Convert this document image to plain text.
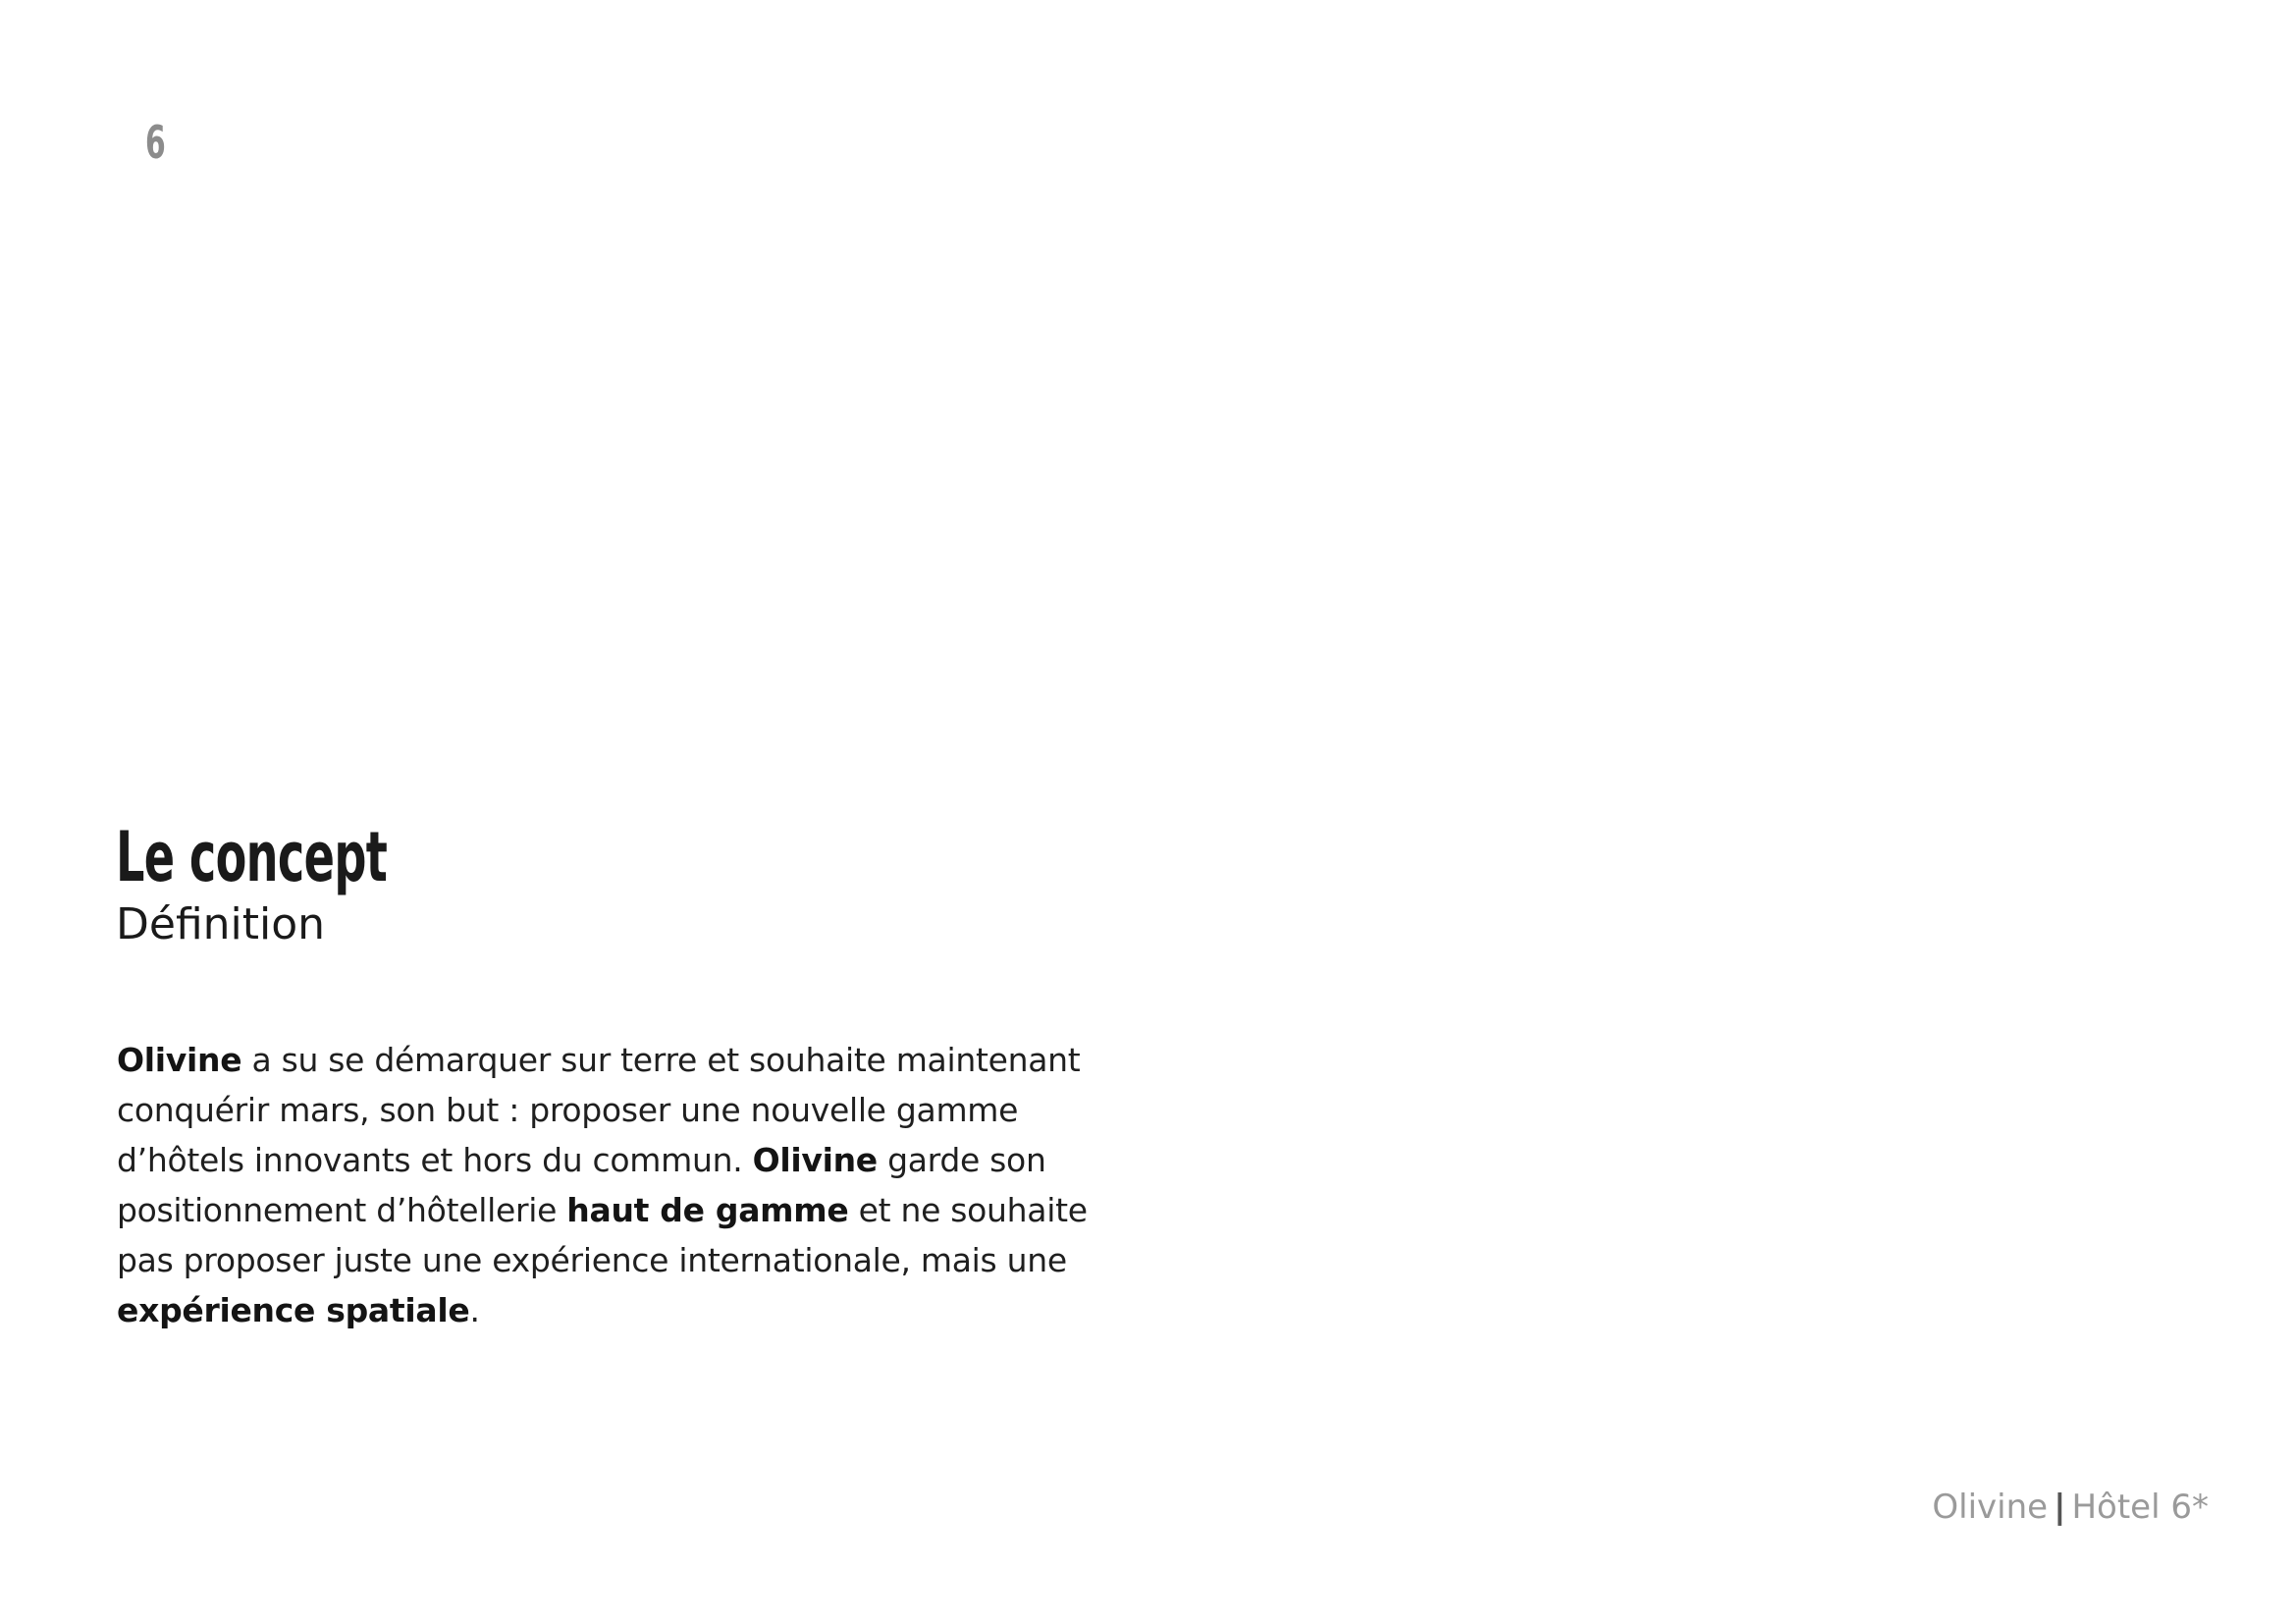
6
Le concept
Définition
Olivine a su se démarquer sur terre et souhaite maintenant
conquérir mars, son but : proposer une nouvelle gamme
d’hôtels innovants et hors du commun. Olivine garde son
positionnement d’hôtellerie haut de gamme et ne souhaite
pas proposer juste une expérience internationale, mais une
expérience spatiale.
Olivine | Hôtel 6*
